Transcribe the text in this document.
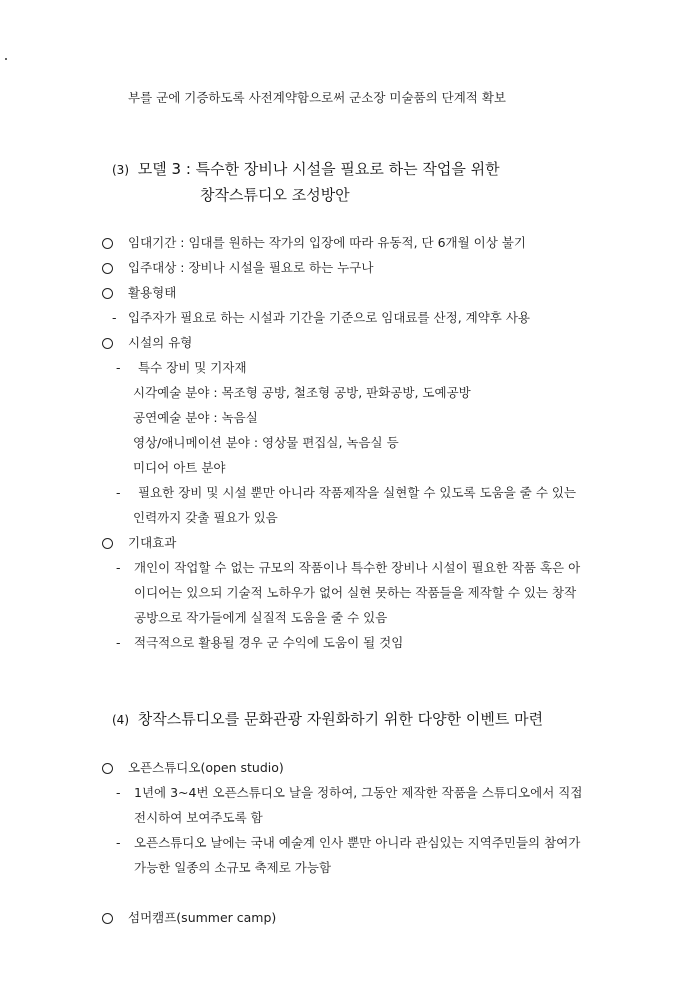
부를 군에 기증하도록 사전계약함으로써 군소장 미술품의 단계적 확보
(3) 모델 3 : 특수한 장비나 시설을 필요로 하는 작업을 위한
창작스튜디오 조성방안
임대기간 : 임대를 원하는 작가의 입장에 따라 유동적, 단 6개월 이상 불기
입주대상 : 장비나 시설을 필요로 하는 누구나
활용형태
- 입주자가 필요로 하는 시설과 기간을 기준으로 임대료를 산정, 계약후 사용
시설의 유형
- 특수 장비 및 기자재
시각예술 분야 : 목조형 공방, 철조형 공방, 판화공방, 도예공방
공연예술 분야 : 녹음실
영상/애니메이션 분야 : 영상물 편집실, 녹음실 등
미디어 아트 분야
- 필요한 장비 및 시설 뿐만 아니라 작품제작을 실현할 수 있도록 도움을 줄 수 있는
인력까지 갖출 필요가 있음
기대효과
- 개인이 작업할 수 없는 규모의 작품이나 특수한 장비나 시설이 필요한 작품 혹은 아
이디어는 있으되 기술적 노하우가 없어 실현 못하는 작품들을 제작할 수 있는 창작
공방으로 작가들에게 실질적 도움을 줄 수 있음
- 적극적으로 활용될 경우 군 수익에 도움이 될 것임
(4) 창작스튜디오를 문화관광 자원화하기 위한 다양한 이벤트 마련
오픈스튜디오(open studio)
- 1년에 3~4번 오픈스튜디오 날을 정하여, 그동안 제작한 작품을 스튜디오에서 직접
전시하여 보여주도록 함
- 오픈스튜디오 날에는 국내 예술계 인사 뿐만 아니라 관심있는 지역주민들의 참여가
가능한 일종의 소규모 축제로 가능함
섬머캠프(summer camp)
